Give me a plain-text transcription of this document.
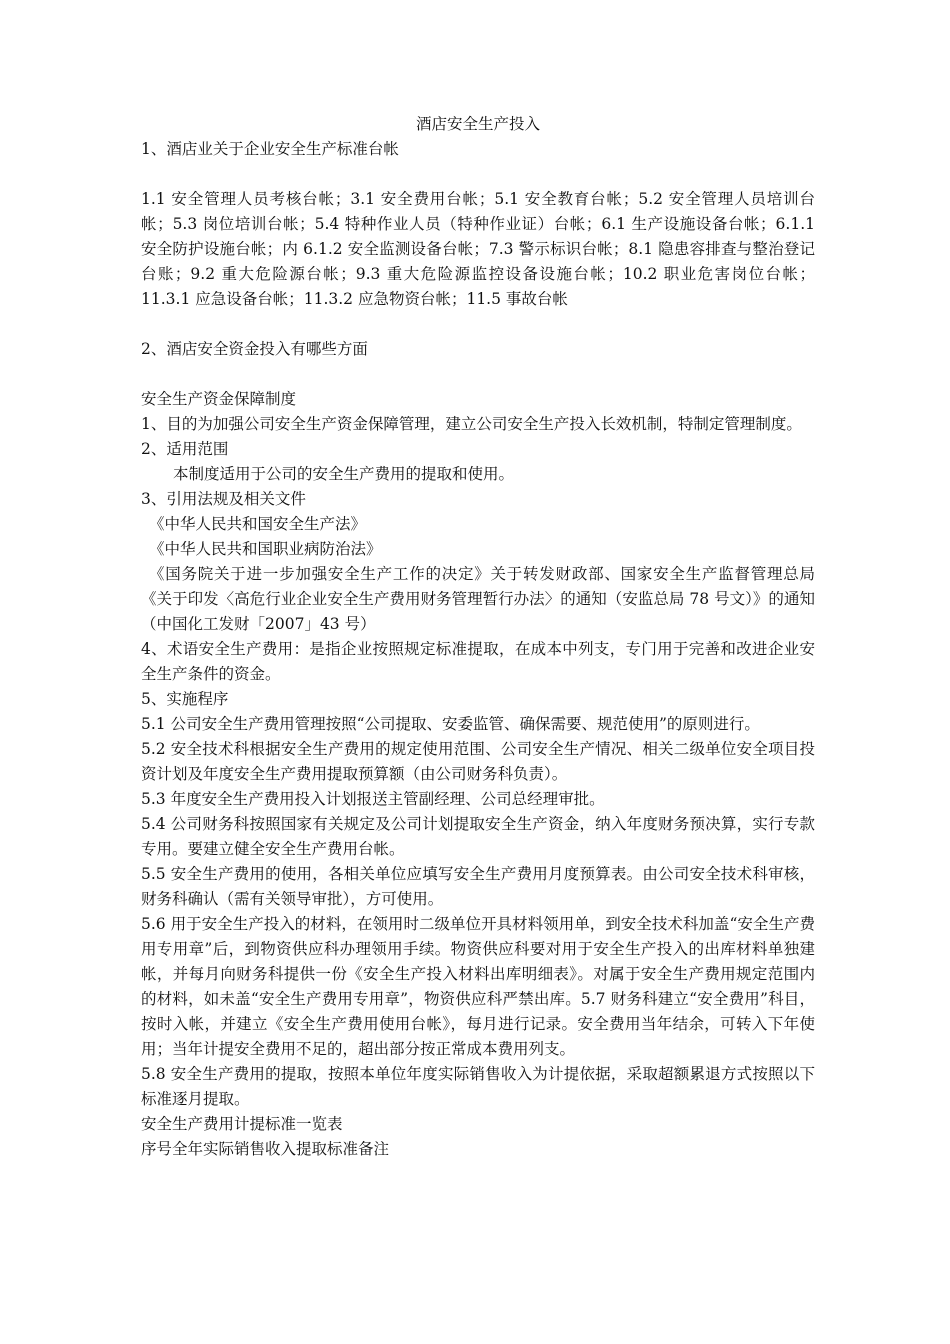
酒店安全生产投入
1、酒店业关于企业安全生产标准台帐
1.1 安全管理人员考核台帐；3.1 安全费用台帐；5.1 安全教育台帐；5.2 安全管理人员培训台帐；5.3 岗位培训台帐；5.4 特种作业人员（特种作业证）台帐；6.1 生产设施设备台帐；6.1.1 安全防护设施台帐；内 6.1.2 安全监测设备台帐；7.3 警示标识台帐；8.1 隐患容排查与整治登记台账；9.2 重大危险源台帐；9.3 重大危险源监控设备设施台帐；10.2 职业危害岗位台帐；11.3.1 应急设备台帐；11.3.2 应急物资台帐；11.5 事故台帐
2、酒店安全资金投入有哪些方面
安全生产资金保障制度
1、目的为加强公司安全生产资金保障管理，建立公司安全生产投入长效机制，特制定管理制度。
2、适用范围
本制度适用于公司的安全生产费用的提取和使用。
3、引用法规及相关文件
《中华人民共和国安全生产法》
《中华人民共和国职业病防治法》
《国务院关于进一步加强安全生产工作的决定》关于转发财政部、国家安全生产监督管理总局《关于印发〈高危行业企业安全生产费用财务管理暂行办法〉的通知（安监总局 78 号文）》的通知（中国化工发财「2007」43 号）
4、术语安全生产费用：是指企业按照规定标准提取，在成本中列支，专门用于完善和改进企业安全生产条件的资金。
5、实施程序
5.1 公司安全生产费用管理按照“公司提取、安委监管、确保需要、规范使用”的原则进行。
5.2 安全技术科根据安全生产费用的规定使用范围、公司安全生产情况、相关二级单位安全项目投资计划及年度安全生产费用提取预算额（由公司财务科负责）。
5.3 年度安全生产费用投入计划报送主管副经理、公司总经理审批。
5.4 公司财务科按照国家有关规定及公司计划提取安全生产资金，纳入年度财务预决算，实行专款专用。要建立健全安全生产费用台帐。
5.5 安全生产费用的使用，各相关单位应填写安全生产费用月度预算表。由公司安全技术科审核，财务科确认（需有关领导审批），方可使用。
5.6 用于安全生产投入的材料，在领用时二级单位开具材料领用单，到安全技术科加盖“安全生产费用专用章”后，到物资供应科办理领用手续。物资供应科要对用于安全生产投入的出库材料单独建帐，并每月向财务科提供一份《安全生产投入材料出库明细表》。对属于安全生产费用规定范围内的材料，如未盖“安全生产费用专用章”，物资供应科严禁出库。5.7 财务科建立“安全费用”科目，按时入帐，并建立《安全生产费用使用台帐》，每月进行记录。安全费用当年结余，可转入下年使用；当年计提安全费用不足的，超出部分按正常成本费用列支。
5.8 安全生产费用的提取，按照本单位年度实际销售收入为计提依据，采取超额累退方式按照以下标准逐月提取。
安全生产费用计提标准一览表
序号全年实际销售收入提取标准备注
